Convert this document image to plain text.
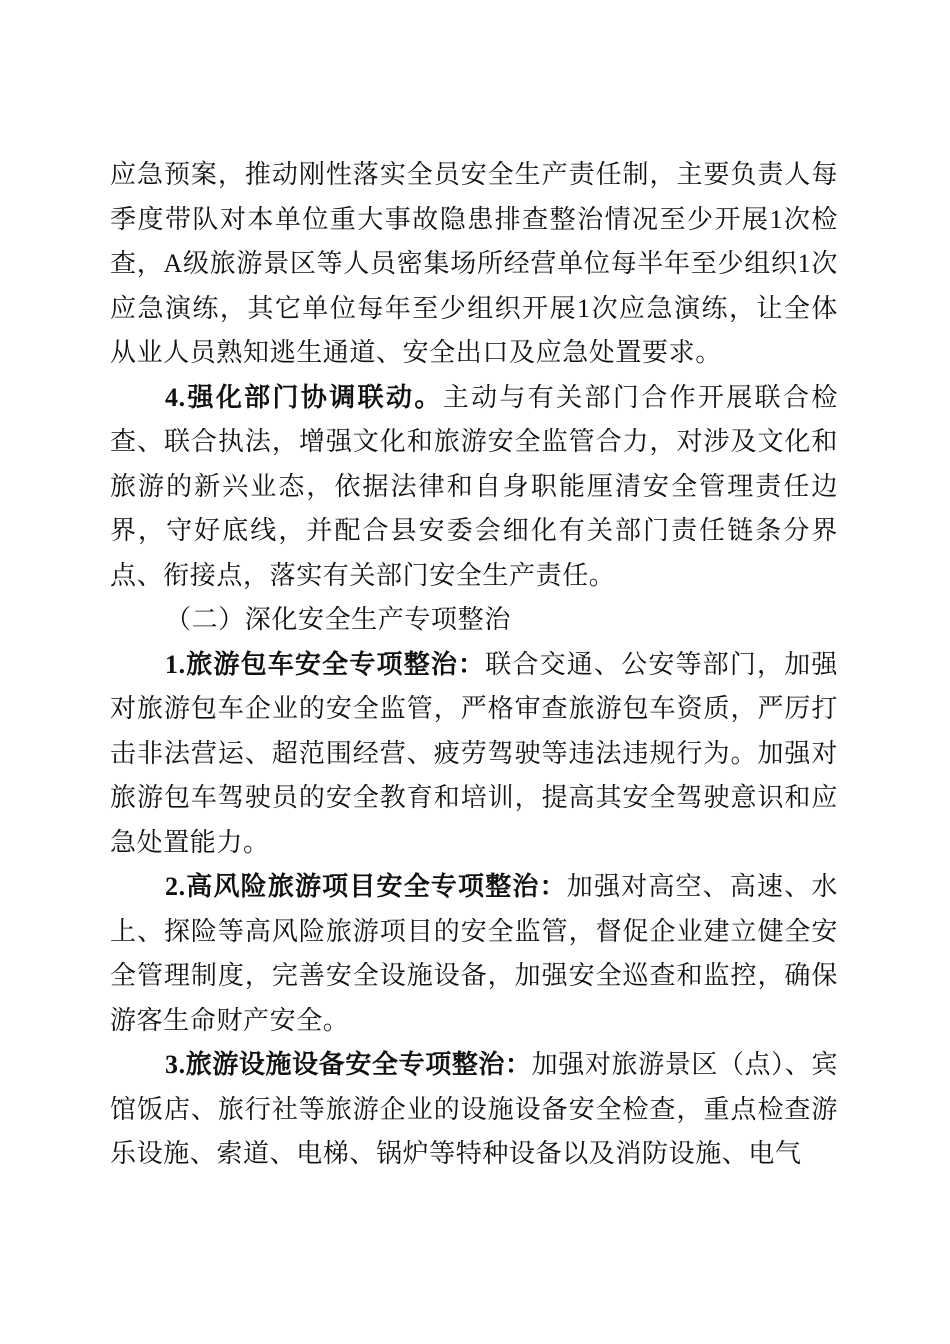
应急预案，推动刚性落实全员安全生产责任制，主要负责人每季度带队对本单位重大事故隐患排查整治情况至少开展1次检查，A级旅游景区等人员密集场所经营单位每半年至少组织1次应急演练，其它单位每年至少组织开展1次应急演练，让全体从业人员熟知逃生通道、安全出口及应急处置要求。

4.强化部门协调联动。主动与有关部门合作开展联合检查、联合执法，增强文化和旅游安全监管合力，对涉及文化和旅游的新兴业态，依据法律和自身职能厘清安全管理责任边界，守好底线，并配合县安委会细化有关部门责任链条分界点、衔接点，落实有关部门安全生产责任。

（二）深化安全生产专项整治

1.旅游包车安全专项整治：联合交通、公安等部门，加强对旅游包车企业的安全监管，严格审查旅游包车资质，严厉打击非法营运、超范围经营、疲劳驾驶等违法违规行为。加强对旅游包车驾驶员的安全教育和培训，提高其安全驾驶意识和应急处置能力。

2.高风险旅游项目安全专项整治：加强对高空、高速、水上、探险等高风险旅游项目的安全监管，督促企业建立健全安全管理制度，完善安全设施设备，加强安全巡查和监控，确保游客生命财产安全。

3.旅游设施设备安全专项整治：加强对旅游景区（点）、宾馆饭店、旅行社等旅游企业的设施设备安全检查，重点检查游乐设施、索道、电梯、锅炉等特种设备以及消防设施、电气
